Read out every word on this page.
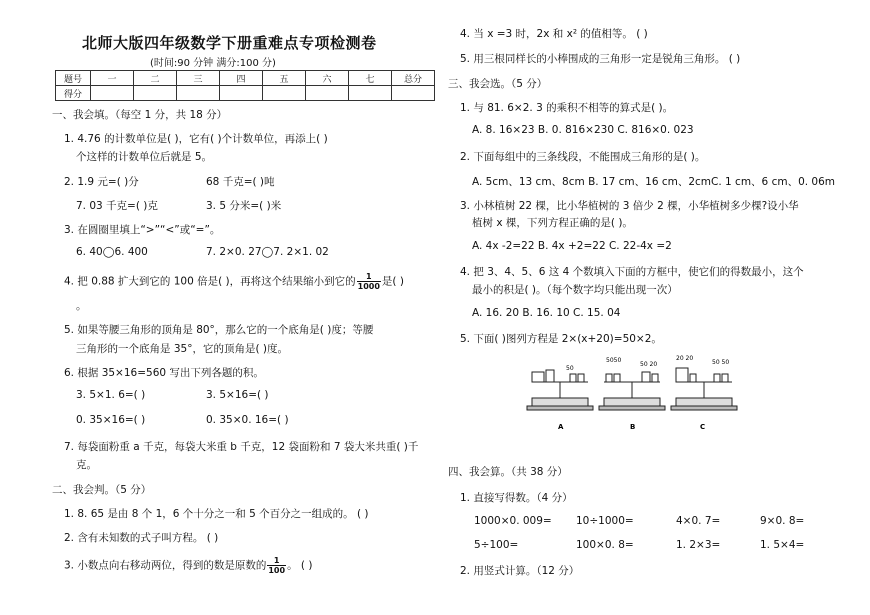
北师大版四年级数学下册重难点专项检测卷
(时间:90 分钟 满分:100 分)
题号	一	二	三	四	五	六	七	总分
得分								
一、我会填。（每空 1 分，共 18 分）
1. 4.76 的计数单位是( )，它有( )个计数单位，再添上( )
个这样的计数单位后就是 5。
2. 1.9 元=( )分	68 千克=( )吨
7. 03 千克=( )克	3. 5 分米=( )米
3. 在圆圈里填上“>”“<”或“=”。
6. 40◯6. 400	7. 2×0. 27◯7. 2×1. 02
4. 把 0.88 扩大到它的 100 倍是( )，再将这个结果缩小到它的 $\frac{1}{1000}$ 是( )
。
5. 如果等腰三角形的顶角是 80°，那么它的一个底角是( )度；等腰
三角形的一个底角是 35°，它的顶角是( )度。
6. 根据 35×16=560 写出下列各题的积。
3. 5×1. 6=( )	3. 5×16=( )
0. 35×16=( )	0. 35×0. 16=( )
7. 每袋面粉重 a 千克，每袋大米重 b 千克，12 袋面粉和 7 袋大米共重( )千
克。
二、我会判。（5 分）
1. 8. 65 是由 8 个 1，6 个十分之一和 5 个百分之一组成的。 ( )
2. 含有未知数的式子叫方程。 ( )
3. 小数点向右移动两位，得到的数是原数的 $\frac{1}{100}$ 。 ( )
4. 当 x =3 时，2x 和 x² 的值相等。 ( )
5. 用三根同样长的小棒围成的三角形一定是锐角三角形。 ( )
三、我会选。（5 分）
1. 与 81. 6×2. 3 的乘积不相等的算式是( )。
A. 8. 16×23 B. 0. 816×230 C. 816×0. 023
2. 下面每组中的三条线段，不能围成三角形的是( )。
A. 5cm、13 cm、8cm B. 17 cm、16 cm、2cmC. 1 cm、6 cm、0. 06m
3. 小林植树 22 棵，比小华植树的 3 倍少 2 棵，小华植树多少棵?设小华
植树 x 棵，下列方程正确的是( )。
A. 4x -2=22 B. 4x +2=22 C. 22-4x =2
4. 把 3、4、5、6 这 4 个数填入下面的方框中，使它们的得数最小，这个
最小的积是( )。（每个数字均只能出现一次）
A. 16. 20 B. 16. 10 C. 15. 04
5. 下面( )图列方程是 2×(x+20)=50×2。
50
A
5050
50 20
B
20 20
50 50
C
四、我会算。（共 38 分）
1. 直接写得数。（4 分）
1000×0. 009= 10÷1000=	4×0. 7=	9×0. 8=
5÷100=	100×0. 8=	1. 2×3=	1. 5×4=
2. 用竖式计算。（12 分）
